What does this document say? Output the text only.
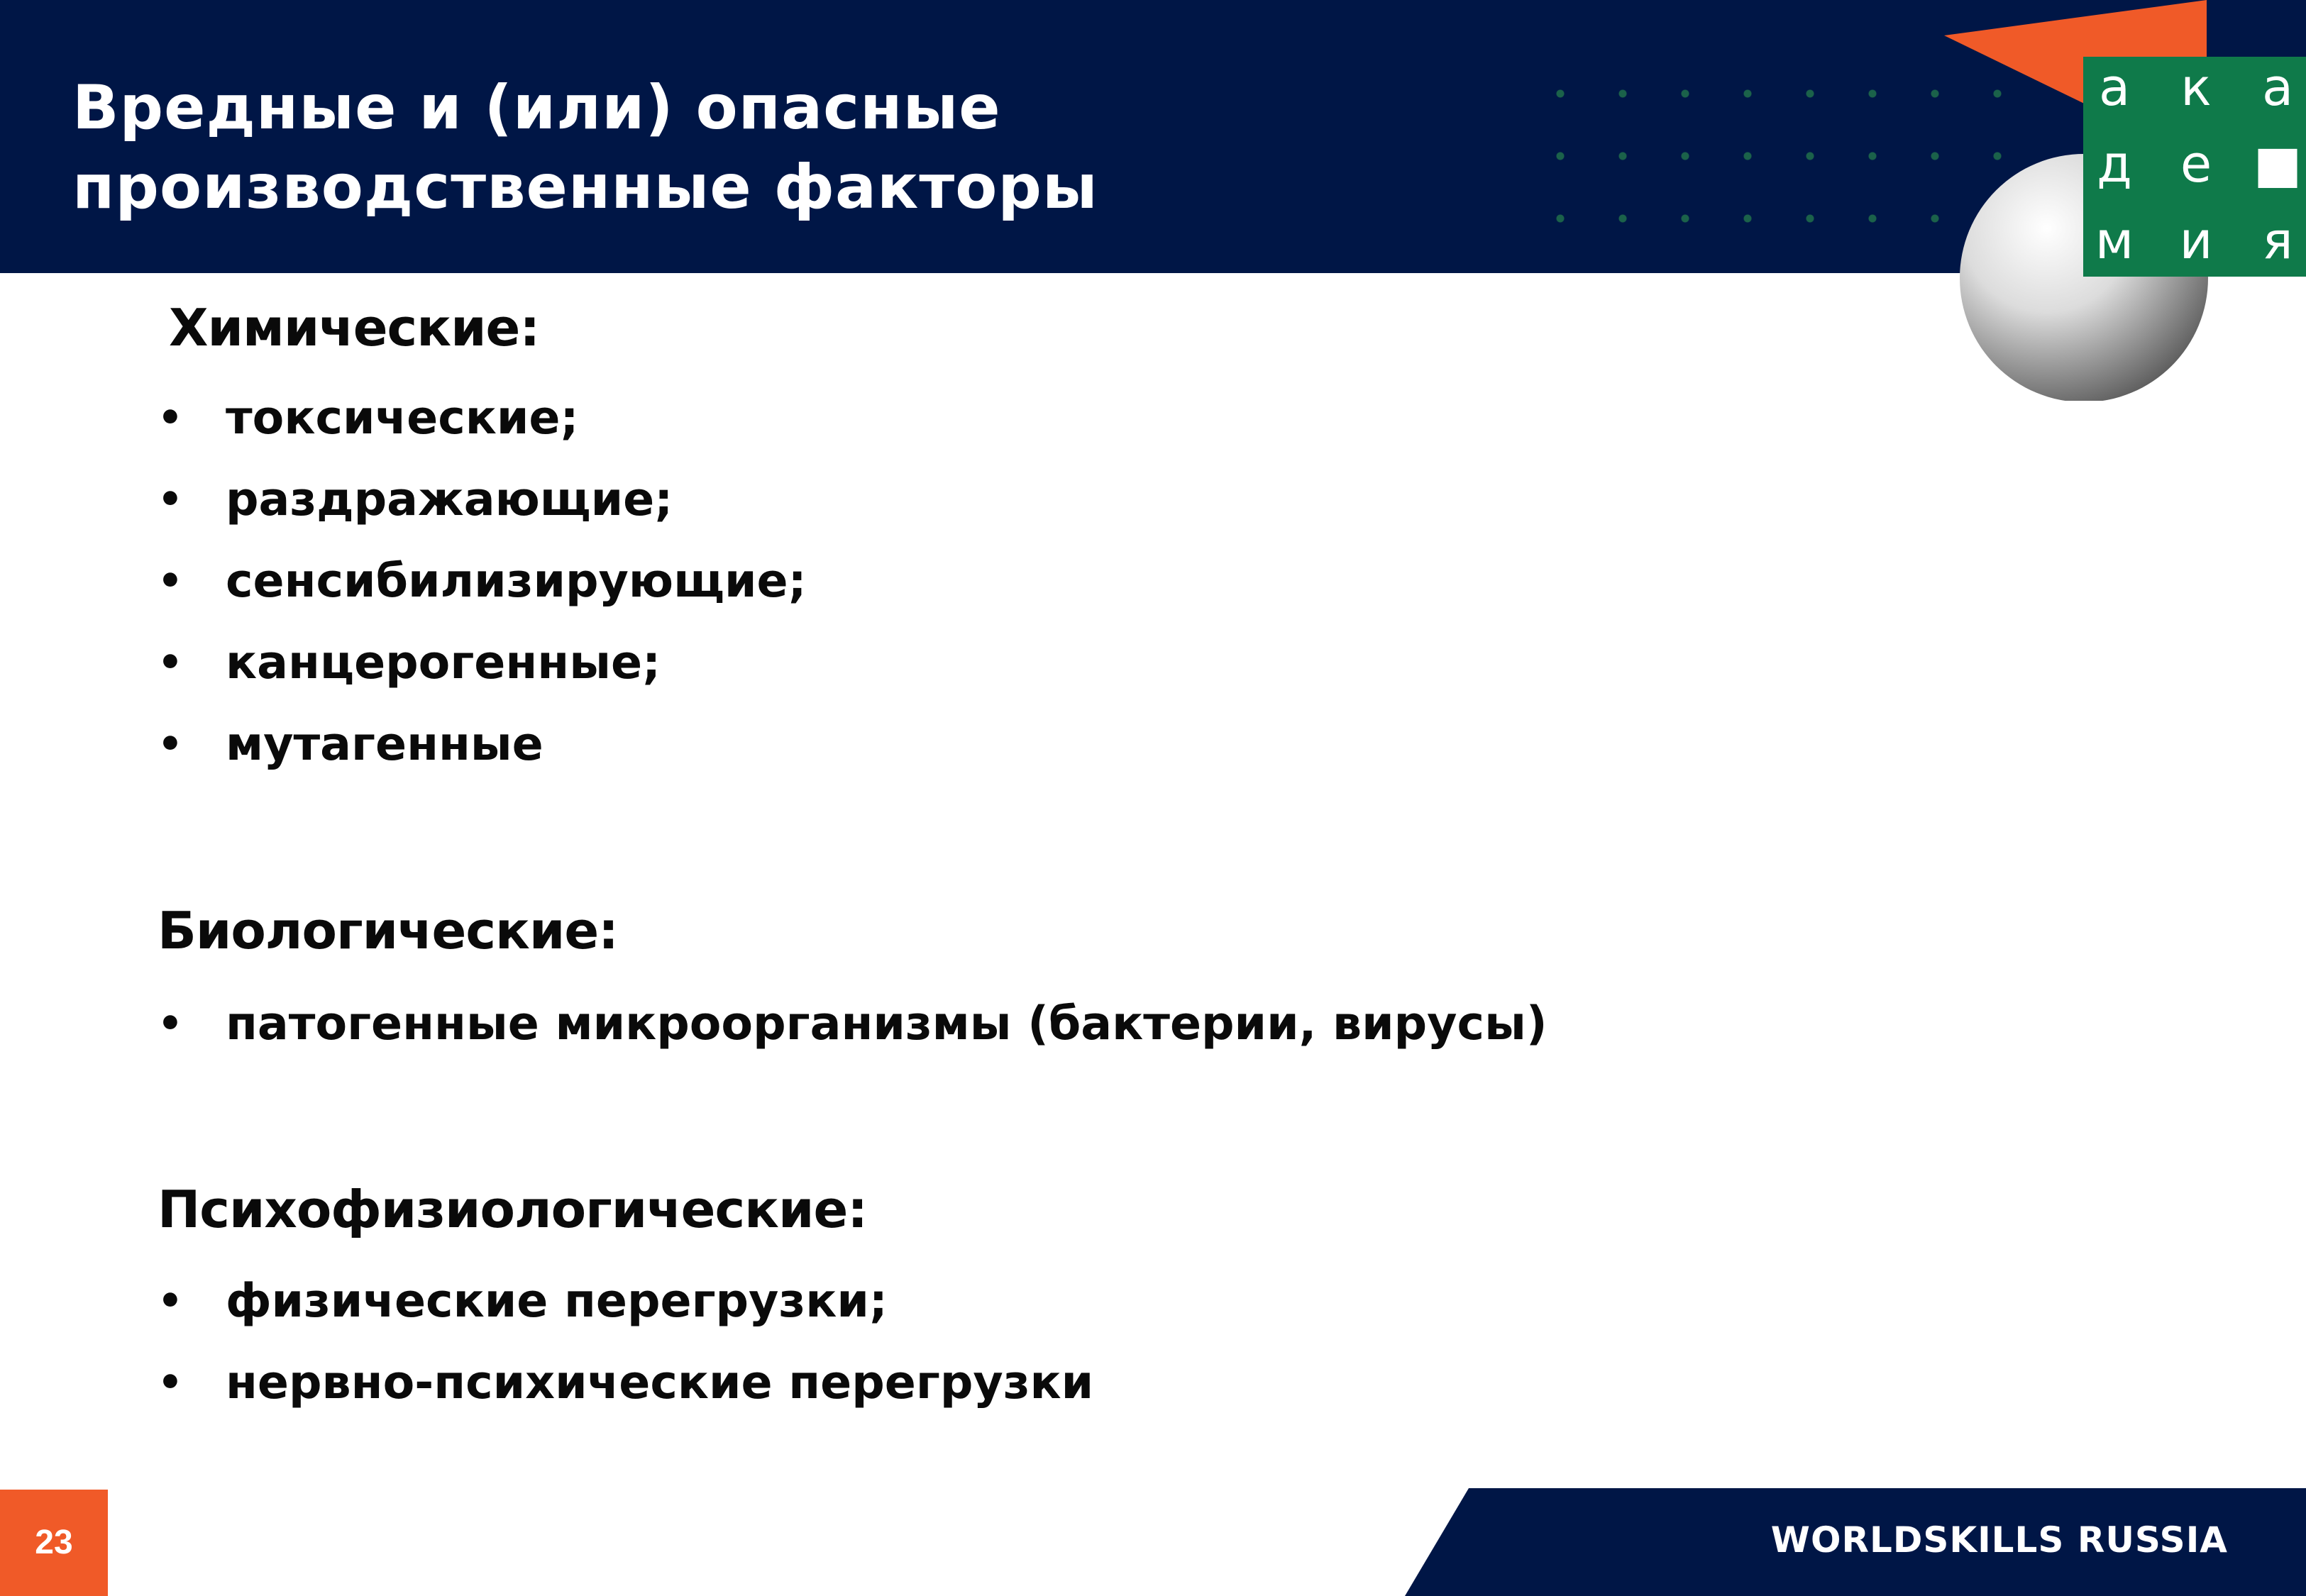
Вредные и (или) опасные
производственные факторы
а к а
д е ■
м и я
Химические:
• токсические;
• раздражающие;
• сенсибилизирующие;
• канцерогенные;
• мутагенные
Биологические:
• патогенные микроорганизмы (бактерии, вирусы)
Психофизиологические:
• физические перегрузки;
• нервно-психические перегрузки
23	WORLDSKILLS RUSSIA
